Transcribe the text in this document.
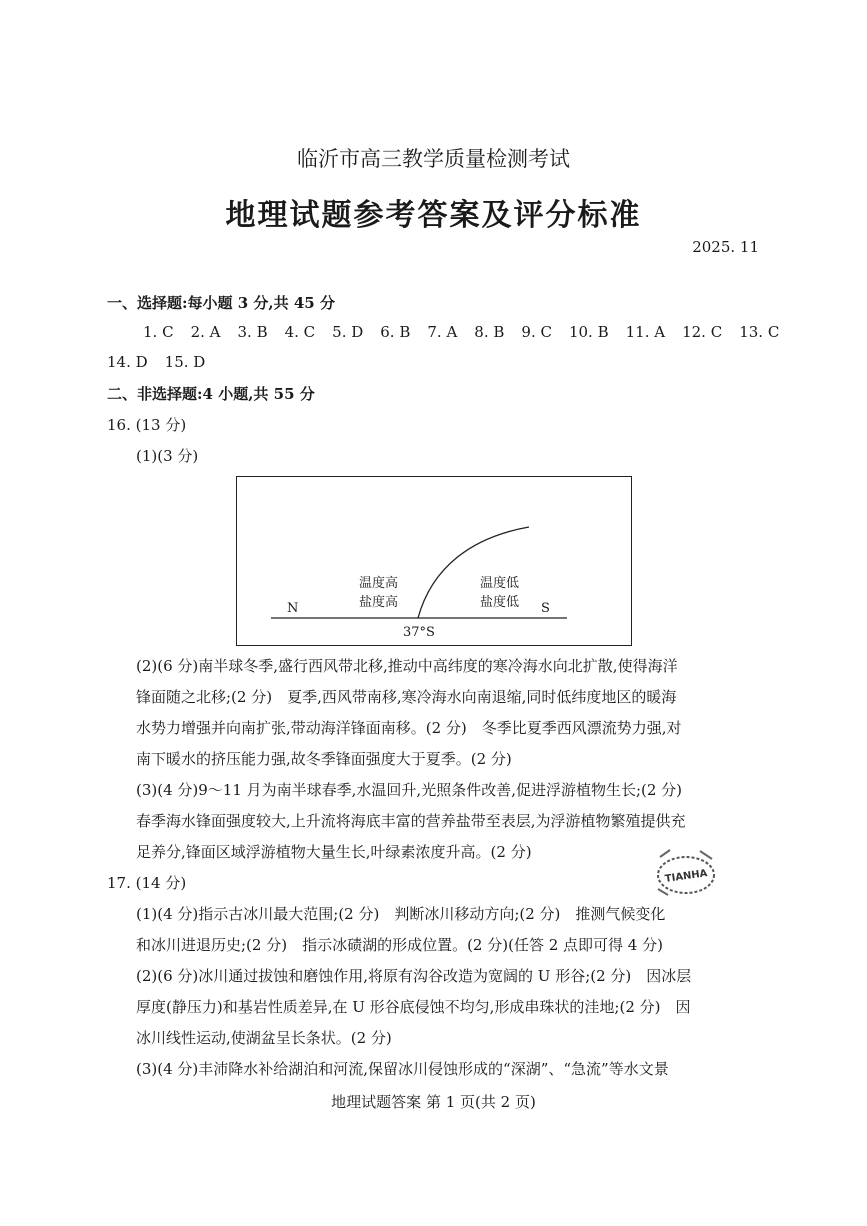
临沂市高三教学质量检测考试
地理试题参考答案及评分标准
2025. 11
一、选择题:每小题 3 分,共 45 分
1. C 2. A 3. B 4. C 5. D 6. B 7. A 8. B 9. C 10. B 11. A 12. C 13. C
14. D 15. D
二、非选择题:4 小题,共 55 分
16. (13 分)
(1)(3 分)
温度高
盐度高
温度低
盐度低
N	S
37°S
(2)(6 分)南半球冬季,盛行西风带北移,推动中高纬度的寒冷海水向北扩散,使得海洋
锋面随之北移;(2 分)　夏季,西风带南移,寒冷海水向南退缩,同时低纬度地区的暖海
水势力增强并向南扩张,带动海洋锋面南移。(2 分)　冬季比夏季西风漂流势力强,对
南下暖水的挤压能力强,故冬季锋面强度大于夏季。(2 分)
(3)(4 分)9～11 月为南半球春季,水温回升,光照条件改善,促进浮游植物生长;(2 分)
春季海水锋面强度较大,上升流将海底丰富的营养盐带至表层,为浮游植物繁殖提供充
足养分,锋面区域浮游植物大量生长,叶绿素浓度升高。(2 分)
17. (14 分)
(1)(4 分)指示古冰川最大范围;(2 分)　判断冰川移动方向;(2 分)　推测气候变化
和冰川进退历史;(2 分)　指示冰碛湖的形成位置。(2 分)(任答 2 点即可得 4 分)
(2)(6 分)冰川通过拔蚀和磨蚀作用,将原有沟谷改造为宽阔的 U 形谷;(2 分)　因冰层
厚度(静压力)和基岩性质差异,在 U 形谷底侵蚀不均匀,形成串珠状的洼地;(2 分)　因
冰川线性运动,使湖盆呈长条状。(2 分)
(3)(4 分)丰沛降水补给湖泊和河流,保留冰川侵蚀形成的“深湖”、“急流”等水文景
TIANHA
地理试题答案 第 1 页(共 2 页)
